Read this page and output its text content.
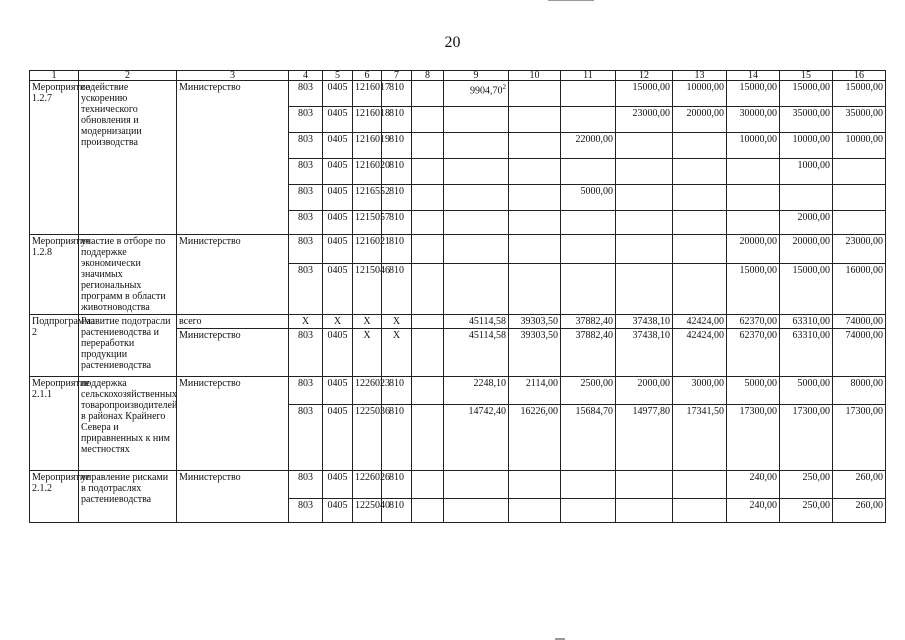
20
1	2	3	4	5	6	7	8	9	10	11	12	13	14	15	16
Мероприятие 1.2.7	содействие ускорению технического обновления и модернизации производства	Министерство	803	0405	1216017	810		9904,70$^2$			15000,00	10000,00	15000,00	15000,00	15000,00
			803	0405	1216018	810					23000,00	20000,00	30000,00	35000,00	35000,00
			803	0405	1216019	810				22000,00			10000,00	10000,00	10000,00
			803	0405	1216020	810								1000,00	
			803	0405	1216552	810				5000,00					
			803	0405	1215057	810								2000,00	
Мероприятие 1.2.8	участие в отборе по поддержке экономически значимых региональных программ в области животноводства	Министерство	803	0405	1216021	810							20000,00	20000,00	23000,00
			803	0405	1215046	810							15000,00	15000,00	16000,00
Подпрограмма 2	Развитие подотрасли растениеводства и переработки продукции растениеводства	всего	X	X	X	X		45114,58	39303,50	37882,40	37438,10	42424,00	62370,00	63310,00	74000,00
		Министерство	803	0405	X	X		45114,58	39303,50	37882,40	37438,10	42424,00	62370,00	63310,00	74000,00
Мероприятие 2.1.1	поддержка сельскохозяйственных товаропроизводителей в районах Крайнего Севера и приравненных к ним местностях	Министерство	803	0405	1226023	810		2248,10	2114,00	2500,00	2000,00	3000,00	5000,00	5000,00	8000,00
			803	0405	1225036	810		14742,40	16226,00	15684,70	14977,80	17341,50	17300,00	17300,00	17300,00
Мероприятие 2.1.2	управление рисками в подотраслях растениеводства	Министерство	803	0405	1226026	810							240,00	250,00	260,00
			803	0405	1225040	810							240,00	250,00	260,00
